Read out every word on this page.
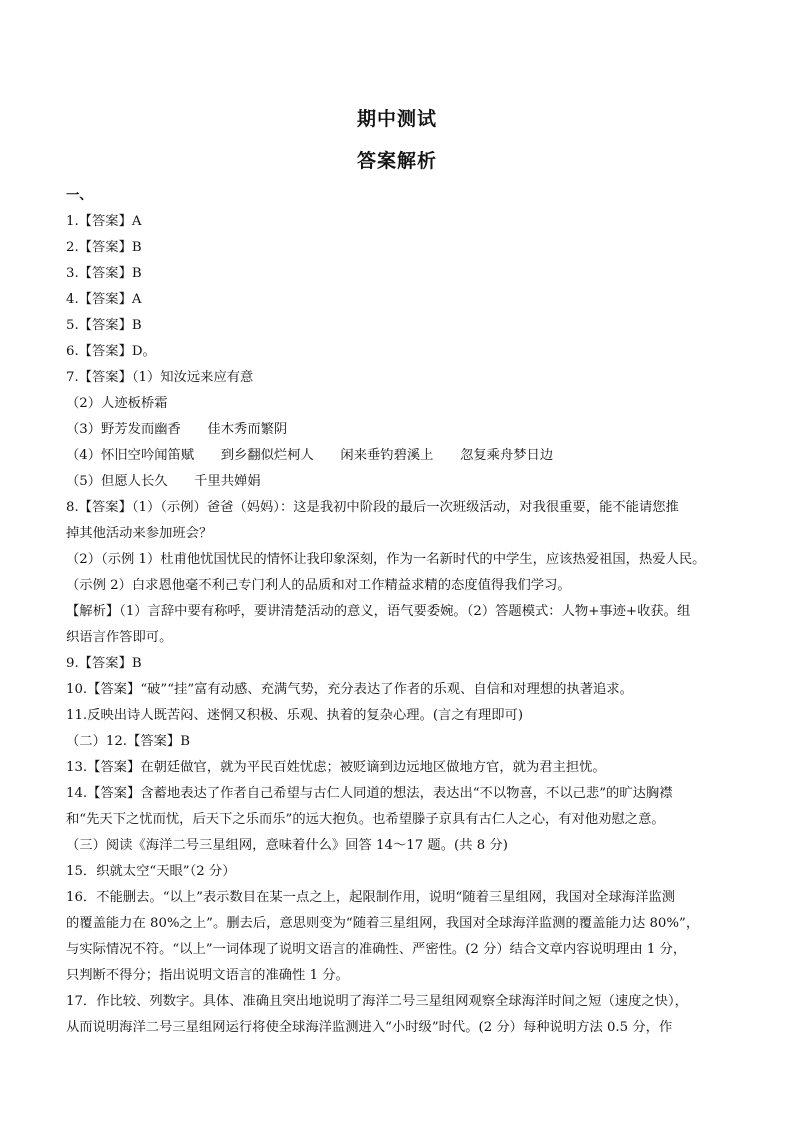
期中测试
答案解析
一、
1.【答案】A
2.【答案】B
3.【答案】B
4.【答案】A
5.【答案】B
6.【答案】D。
7.【答案】（1）知汝远来应有意
（2）人迹板桥霜
（3）野芳发而幽香　　佳木秀而繁阴
（4）怀旧空吟闻笛赋　　到乡翻似烂柯人　　闲来垂钓碧溪上　　忽复乘舟梦日边
（5）但愿人长久　　千里共婵娟
8.【答案】（1）（示例）爸爸（妈妈）：这是我初中阶段的最后一次班级活动，对我很重要，能不能请您推
掉其他活动来参加班会？
（2）（示例 1）杜甫他忧国忧民的情怀让我印象深刻，作为一名新时代的中学生，应该热爱祖国，热爱人民。
（示例 2）白求恩他毫不利己专门利人的品质和对工作精益求精的态度值得我们学习。
【解析】（1）言辞中要有称呼，要讲清楚活动的意义，语气要委婉。（2）答题模式：人物+事迹+收获。组
织语言作答即可。
9.【答案】B
10.【答案】“破”“挂”富有动感、充满气势，充分表达了作者的乐观、自信和对理想的执著追求。
11.反映出诗人既苦闷、迷惘又积极、乐观、执着的复杂心理。(言之有理即可)
（二）12.【答案】B
13.【答案】在朝廷做官，就为平民百姓忧虑；被贬谪到边远地区做地方官，就为君主担忧。
14.【答案】含蓄地表达了作者自己希望与古仁人同道的想法，表达出“不以物喜，不以己悲”的旷达胸襟
和“先天下之忧而忧，后天下之乐而乐”的远大抱负。也希望滕子京具有古仁人之心，有对他劝慰之意。
（三）阅读《海洋二号三星组网，意味着什么》回答 14～17 题。(共 8 分)
15．织就太空“天眼”（2 分）
16．不能删去。“以上”表示数目在某一点之上，起限制作用，说明“随着三星组网，我国对全球海洋监测
的覆盖能力在 80%之上”。删去后，意思则变为“随着三星组网，我国对全球海洋监测的覆盖能力达 80%”，
与实际情况不符。“以上”一词体现了说明文语言的准确性、严密性。(2 分）结合文章内容说明理由 1 分，
只判断不得分；指出说明文语言的准确性 1 分。
17．作比较、列数字。具体、准确且突出地说明了海洋二号三星组网观察全球海洋时间之短（速度之快），
从而说明海洋二号三星组网运行将使全球海洋监测进入“小时级”时代。(2 分）每种说明方法 0.5 分，作
